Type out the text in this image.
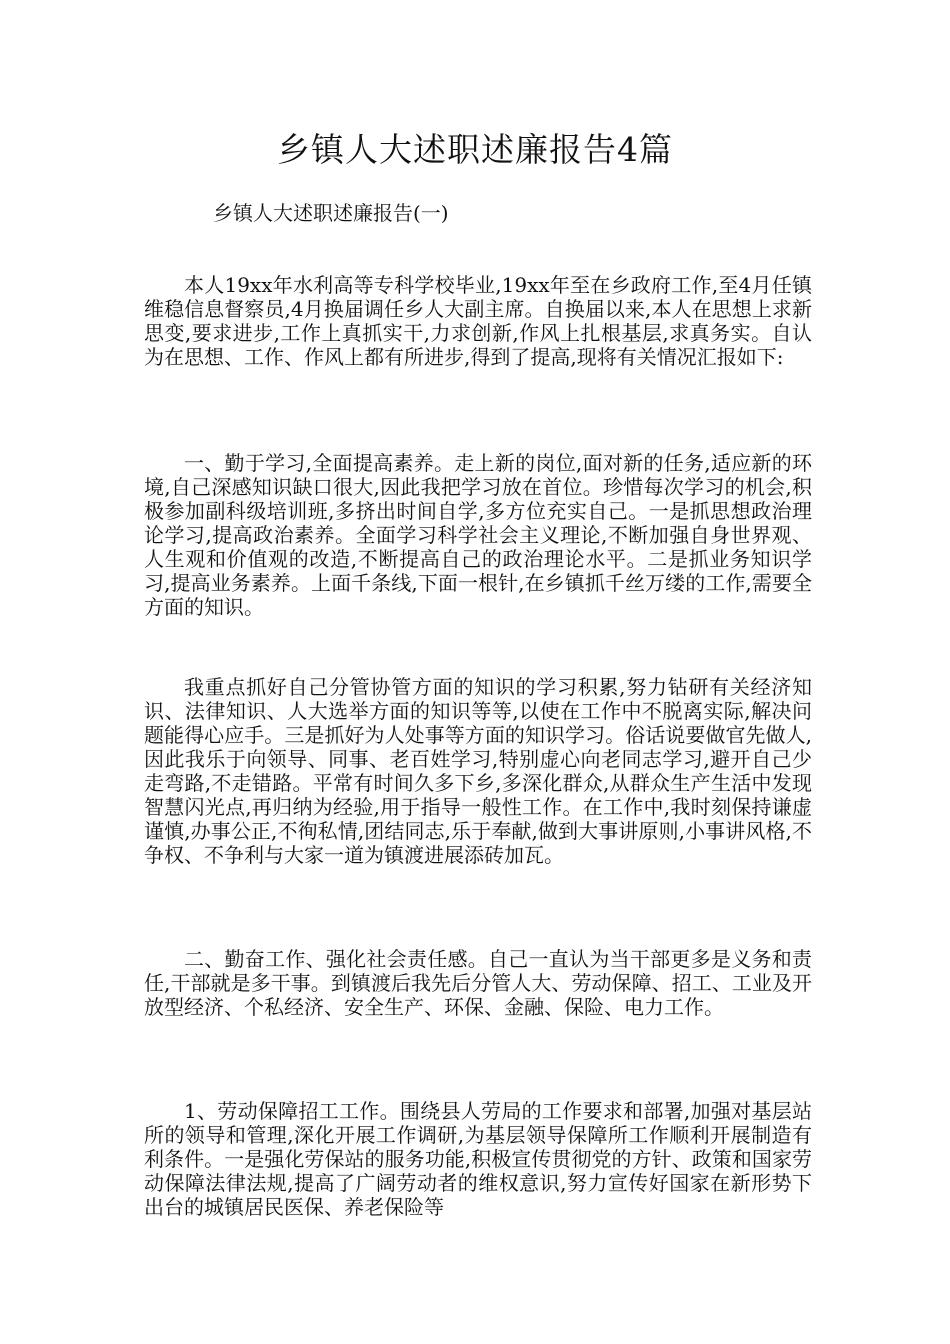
乡镇人大述职述廉报告4篇

乡镇人大述职述廉报告(一)

本人19xx年水利高等专科学校毕业,19xx年至在乡政府工作,至4月任镇维稳信息督察员,4月换届调任乡人大副主席。自换届以来,本人在思想上求新思变,要求进步,工作上真抓实干,力求创新,作风上扎根基层,求真务实。自认为在思想、工作、作风上都有所进步,得到了提高,现将有关情况汇报如下:

一、勤于学习,全面提高素养。走上新的岗位,面对新的任务,适应新的环境,自己深感知识缺口很大,因此我把学习放在首位。珍惜每次学习的机会,积极参加副科级培训班,多挤出时间自学,多方位充实自己。一是抓思想政治理论学习,提高政治素养。全面学习科学社会主义理论,不断加强自身世界观、人生观和价值观的改造,不断提高自己的政治理论水平。二是抓业务知识学习,提高业务素养。上面千条线,下面一根针,在乡镇抓千丝万缕的工作,需要全方面的知识。

我重点抓好自己分管协管方面的知识的学习积累,努力钻研有关经济知识、法律知识、人大选举方面的知识等等,以使在工作中不脱离实际,解决问题能得心应手。三是抓好为人处事等方面的知识学习。俗话说要做官先做人,因此我乐于向领导、同事、老百姓学习,特别虚心向老同志学习,避开自己少走弯路,不走错路。平常有时间久多下乡,多深化群众,从群众生产生活中发现智慧闪光点,再归纳为经验,用于指导一般性工作。在工作中,我时刻保持谦虚谨慎,办事公正,不徇私情,团结同志,乐于奉献,做到大事讲原则,小事讲风格,不争权、不争利与大家一道为镇渡进展添砖加瓦。

二、勤奋工作、强化社会责任感。自己一直认为当干部更多是义务和责任,干部就是多干事。到镇渡后我先后分管人大、劳动保障、招工、工业及开放型经济、个私经济、安全生产、环保、金融、保险、电力工作。

1、劳动保障招工工作。围绕县人劳局的工作要求和部署,加强对基层站所的领导和管理,深化开展工作调研,为基层领导保障所工作顺利开展制造有利条件。一是强化劳保站的服务功能,积极宣传贯彻党的方针、政策和国家劳动保障法律法规,提高了广阔劳动者的维权意识,努力宣传好国家在新形势下出台的城镇居民医保、养老保险等
